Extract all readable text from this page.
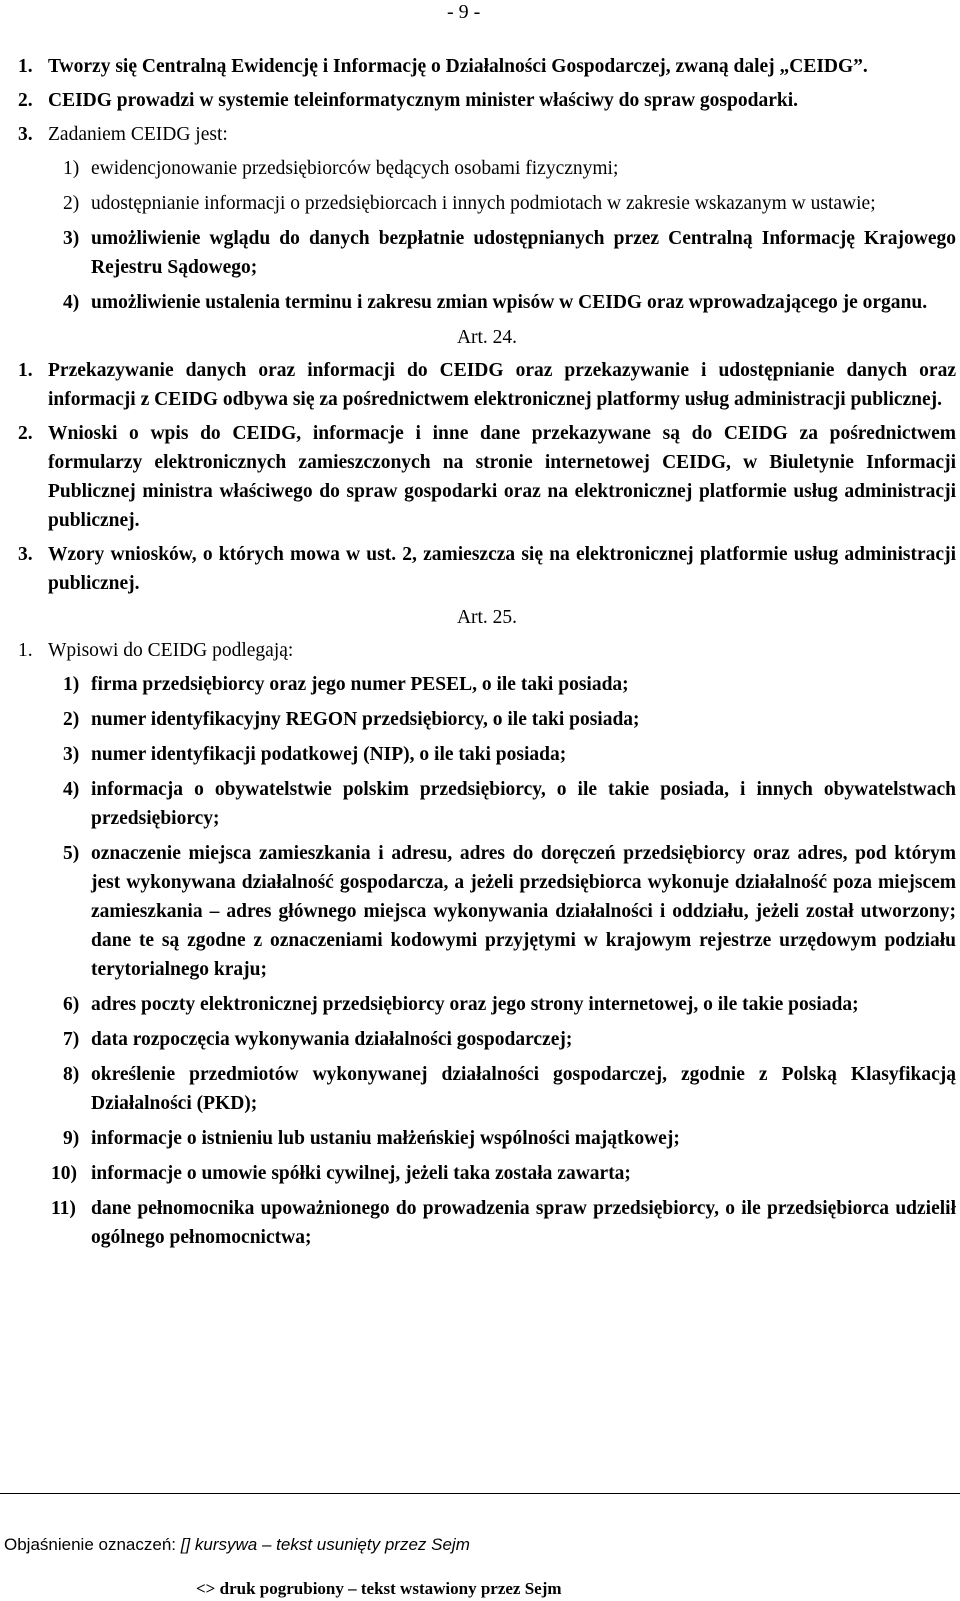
- 9 -
1. Tworzy się Centralną Ewidencję i Informację o Działalności Gospodarczej, zwaną dalej „CEIDG”.
2. CEIDG prowadzi w systemie teleinformatycznym minister właściwy do spraw gospodarki.
3. Zadaniem CEIDG jest:
1) ewidencjonowanie przedsiębiorców będących osobami fizycznymi;
2) udostępnianie informacji o przedsiębiorcach i innych podmiotach w zakresie wskazanym w ustawie;
3) umożliwienie wglądu do danych bezpłatnie udostępnianych przez Centralną Informację Krajowego Rejestru Sądowego;
4) umożliwienie ustalenia terminu i zakresu zmian wpisów w CEIDG oraz wprowadzającego je organu.
Art. 24.
1. Przekazywanie danych oraz informacji do CEIDG oraz przekazywanie i udostępnianie danych oraz informacji z CEIDG odbywa się za pośrednictwem elektronicznej platformy usług administracji publicznej.
2. Wnioski o wpis do CEIDG, informacje i inne dane przekazywane są do CEIDG za pośrednictwem formularzy elektronicznych zamieszczonych na stronie internetowej CEIDG, w Biuletynie Informacji Publicznej ministra właściwego do spraw gospodarki oraz na elektronicznej platformie usług administracji publicznej.
3. Wzory wniosków, o których mowa w ust. 2, zamieszcza się na elektronicznej platformie usług administracji publicznej.
Art. 25.
1. Wpisowi do CEIDG podlegają:
1) firma przedsiębiorcy oraz jego numer PESEL, o ile taki posiada;
2) numer identyfikacyjny REGON przedsiębiorcy, o ile taki posiada;
3) numer identyfikacji podatkowej (NIP), o ile taki posiada;
4) informacja o obywatelstwie polskim przedsiębiorcy, o ile takie posiada, i innych obywatelstwach przedsiębiorcy;
5) oznaczenie miejsca zamieszkania i adresu, adres do doręczeń przedsiębiorcy oraz adres, pod którym jest wykonywana działalność gospodarcza, a jeżeli przedsiębiorca wykonuje działalność poza miejscem zamieszkania – adres głównego miejsca wykonywania działalności i oddziału, jeżeli został utworzony; dane te są zgodne z oznaczeniami kodowymi przyjętymi w krajowym rejestrze urzędowym podziału terytorialnego kraju;
6) adres poczty elektronicznej przedsiębiorcy oraz jego strony internetowej, o ile takie posiada;
7) data rozpoczęcia wykonywania działalności gospodarczej;
8) określenie przedmiotów wykonywanej działalności gospodarczej, zgodnie z Polską Klasyfikacją Działalności (PKD);
9) informacje o istnieniu lub ustaniu małżeńskiej wspólności majątkowej;
10) informacje o umowie spółki cywilnej, jeżeli taka została zawarta;
11) dane pełnomocnika upoważnionego do prowadzenia spraw przedsiębiorcy, o ile przedsiębiorca udzielił ogólnego pełnomocnictwa;
Objaśnienie oznaczeń: [] kursywa – tekst usunięty przez Sejm
<> druk pogrubiony – tekst wstawiony przez Sejm
